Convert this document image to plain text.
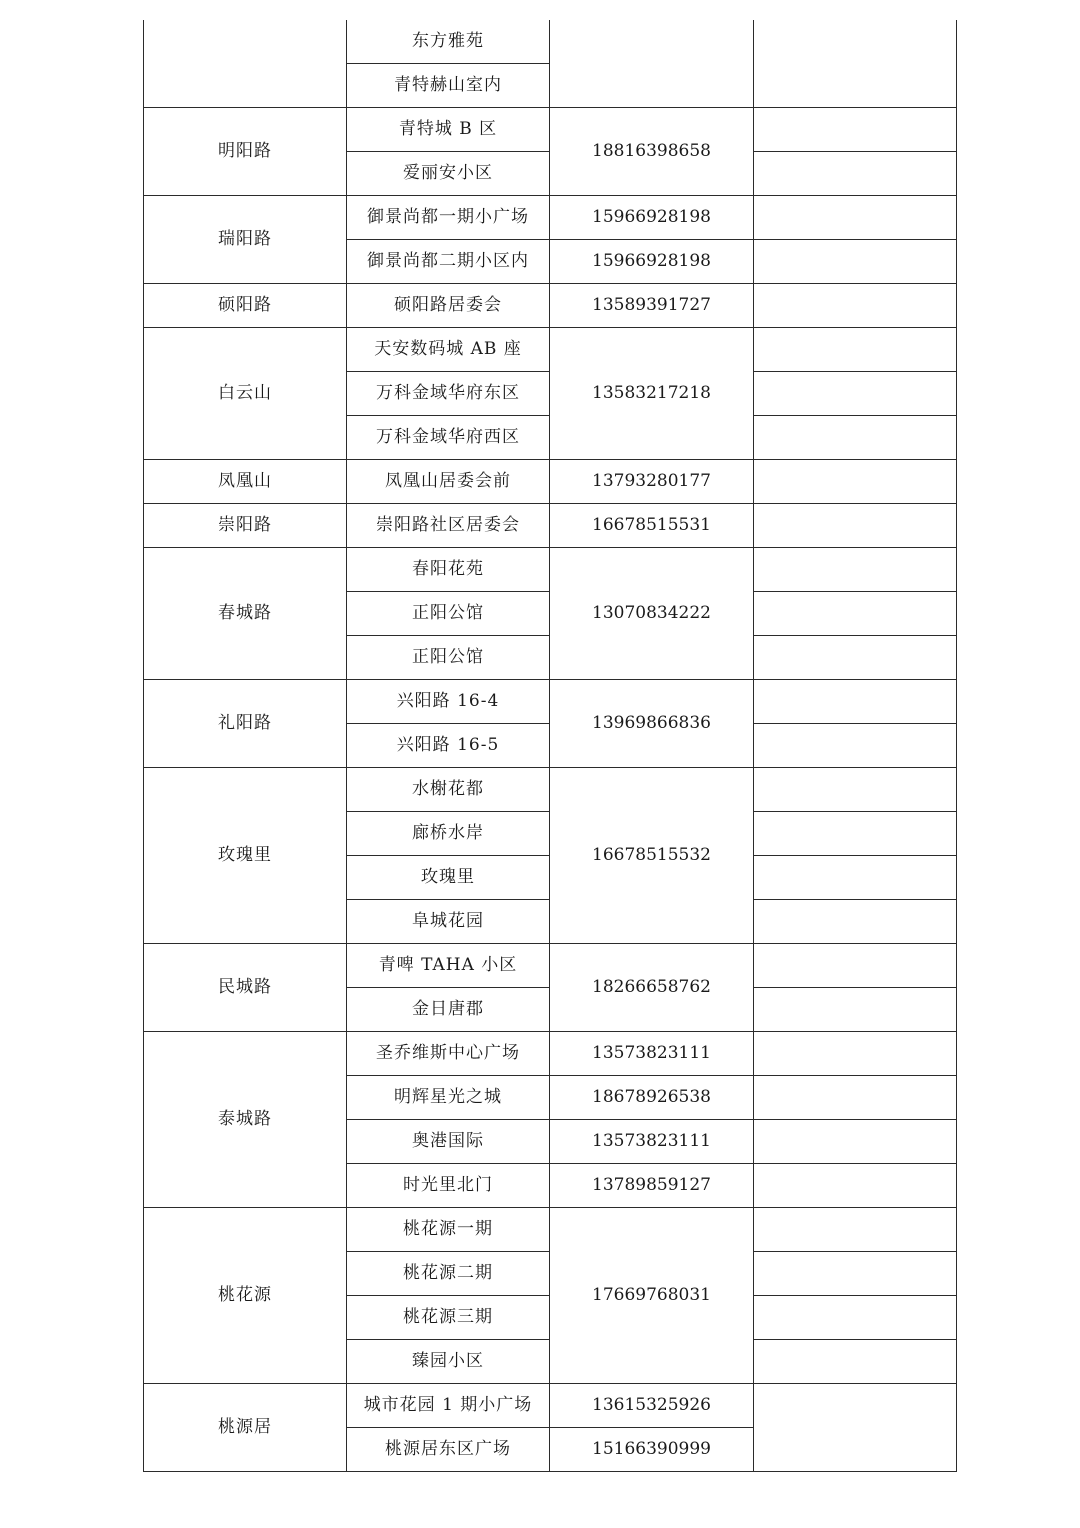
	东方雅苑		
	青特赫山室内		
明阳路	青特城 B 区	18816398658	
	爱丽安小区		
瑞阳路	御景尚都一期小广场	15966928198	
	御景尚都二期小区内	15966928198	
硕阳路	硕阳路居委会	13589391727	
白云山	天安数码城 AB 座	13583217218	
	万科金域华府东区		
	万科金域华府西区		
凤凰山	凤凰山居委会前	13793280177	
崇阳路	崇阳路社区居委会	16678515531	
春城路	春阳花苑	13070834222	
	正阳公馆		
	正阳公馆		
礼阳路	兴阳路 16-4	13969866836	
	兴阳路 16-5		
玫瑰里	水榭花都	16678515532	
	廊桥水岸		
	玫瑰里		
	阜城花园		
民城路	青啤 TAHA 小区	18266658762	
	金日唐郡		
泰城路	圣乔维斯中心广场	13573823111	
	明辉星光之城	18678926538	
	奥港国际	13573823111	
	时光里北门	13789859127	
桃花源	桃花源一期	17669768031	
	桃花源二期		
	桃花源三期		
	臻园小区		
桃源居	城市花园 1 期小广场	13615325926	
	桃源居东区广场	15166390999	
